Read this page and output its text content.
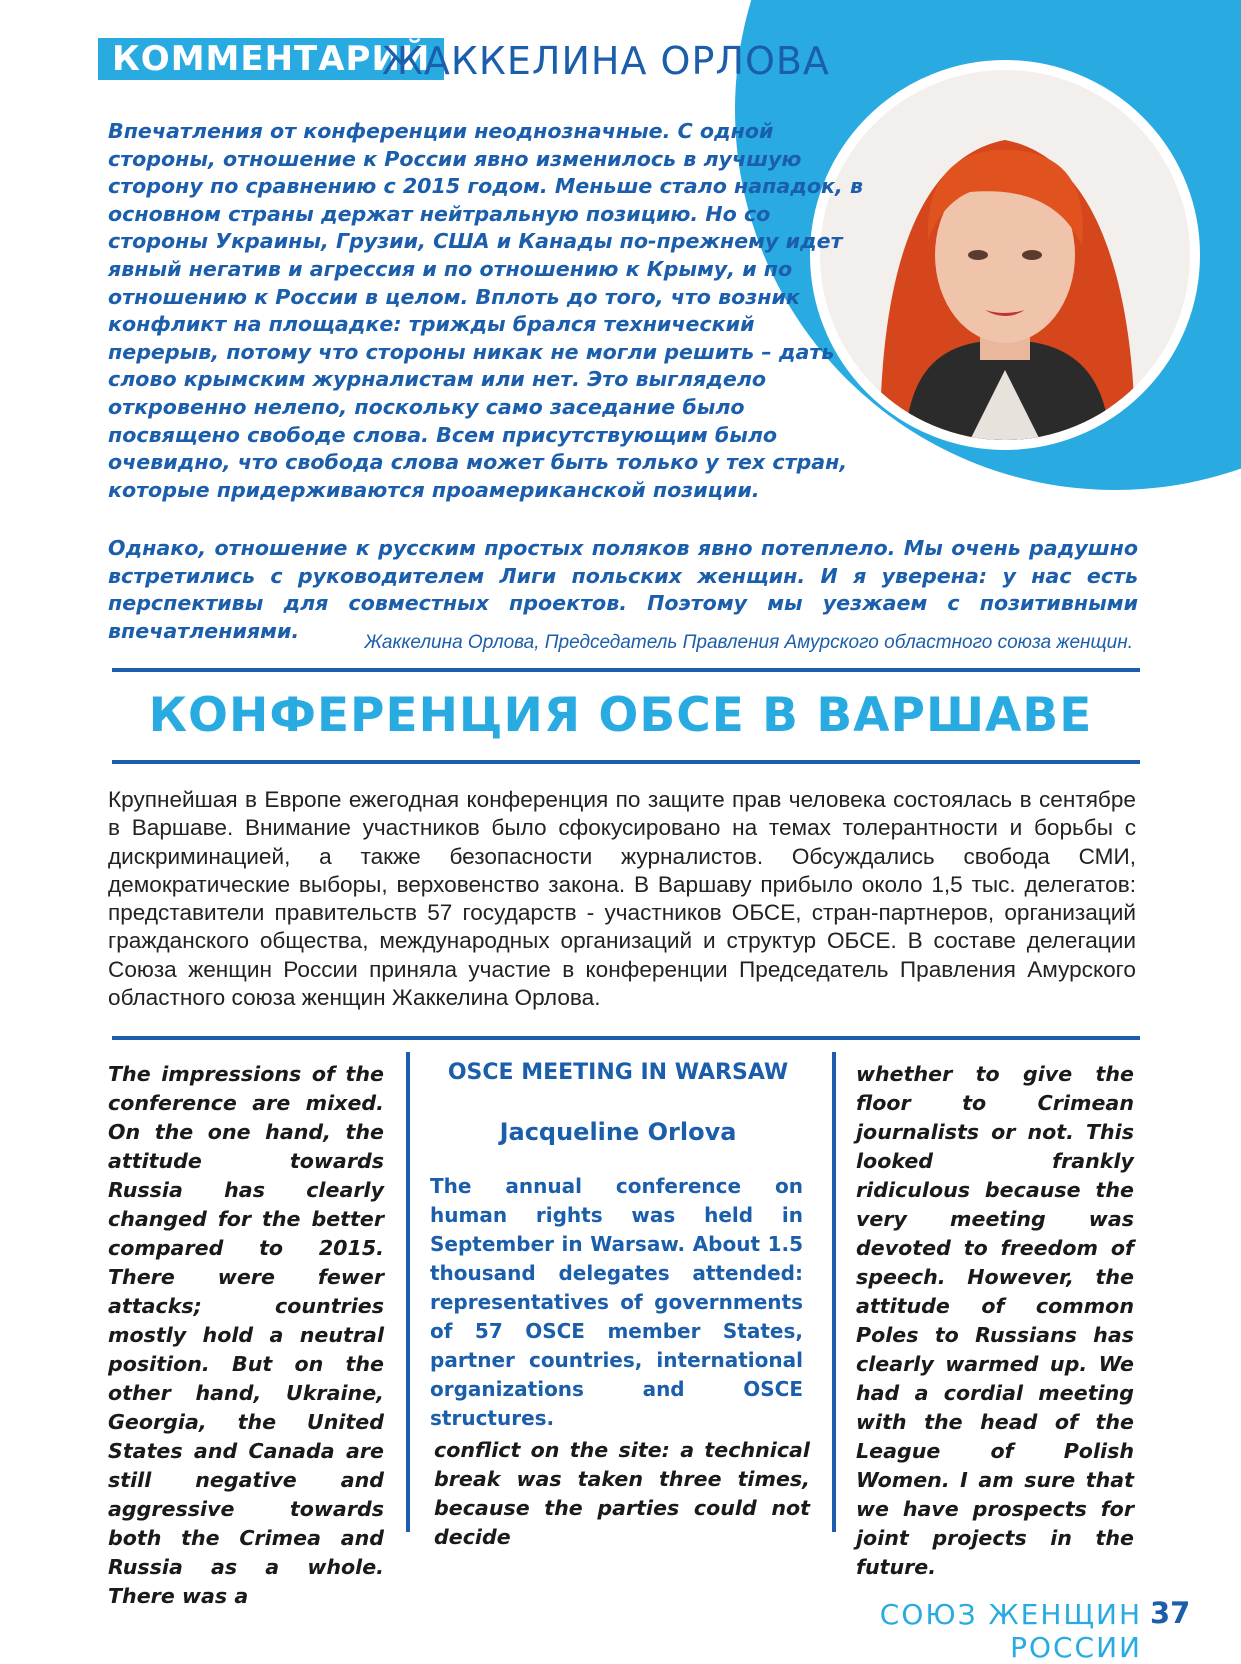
КОММЕНТАРИЙ
ЖАККЕЛИНА ОРЛОВА
Впечатления от конференции неоднозначные. С одной стороны, отношение к России явно изменилось в лучшую сторону по сравнению с 2015 годом. Меньше стало нападок, в основном страны держат нейтральную позицию. Но со стороны Украины, Грузии, США и Канады по-прежнему идет явный негатив и агрессия и по отношению к Крыму, и по отношению к России в целом. Вплоть до того, что возник конфликт на площадке: трижды брался технический перерыв, потому что стороны никак не могли решить – дать слово крымским журналистам или нет. Это выглядело откровенно нелепо, поскольку само заседание было посвящено свободе слова. Всем присутствующим было очевидно, что свобода слова может быть только у тех стран, которые придерживаются проамериканской позиции.
Однако, отношение к русским простых поляков явно потеплело. Мы очень радушно встретились с руководителем Лиги польских женщин. И я уверена: у нас есть перспективы для совместных проектов. Поэтому мы уезжаем с позитивными впечатлениями.	Жаккелина Орлова, Председатель Правления Амурского областного союза женщин.
КОНФЕРЕНЦИЯ ОБСЕ В ВАРШАВЕ
Крупнейшая в Европе ежегодная конференция по защите прав человека состоялась в сентябре в Варшаве. Внимание участников было сфокусировано на темах толерантности и борьбы с дискриминацией, а также безопасности журналистов. Обсуждались свобода СМИ, демократические выборы, верховенство закона. В Варшаву прибыло около 1,5 тыс. делегатов: представители правительств 57 государств - участников ОБСЕ, стран-партнеров, организаций гражданского общества, международных организаций и структур ОБСЕ. В составе делегации Союза женщин России приняла участие в конференции Председатель Правления Амурского областного союза женщин Жаккелина Орлова.
The impressions of the conference are mixed. On the one hand, the attitude towards Russia has clearly changed for the better compared to 2015. There were fewer attacks; countries mostly hold a neutral position. But on the other hand, Ukraine, Georgia, the United States and Canada are still negative and aggressive towards both the Crimea and Russia as a whole. There was a
OSCE MEETING IN WARSAW
Jacqueline Orlova
The annual conference on human rights was held in September in Warsaw. About 1.5 thousand delegates attended: representatives of governments of 57 OSCE member States, partner countries, international organizations and OSCE structures.
conflict on the site: a technical break was taken three times, because the parties could not decide
whether to give the floor to Crimean journalists or not. This looked frankly ridiculous because the very meeting was devoted to freedom of speech. However, the attitude of common Poles to Russians has clearly warmed up. We had a cordial meeting with the head of the League of Polish Women. I am sure that we have prospects for joint projects in the future.
СОЮЗ ЖЕНЩИН РОССИИ
37
